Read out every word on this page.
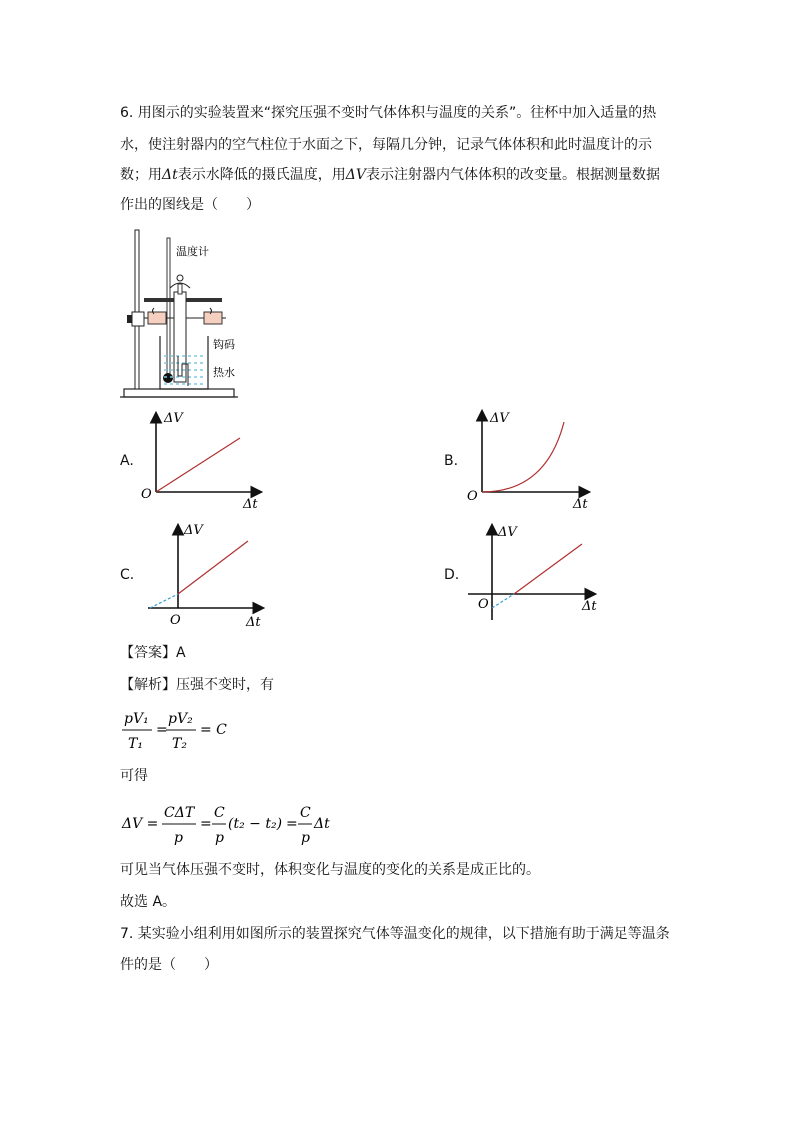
6. 用图示的实验装置来“探究压强不变时气体体积与温度的关系”。往杯中加入适量的热
水，使注射器内的空气柱位于水面之下，每隔几分钟，记录气体体积和此时温度计的示
数；用Δt表示水降低的摄氏温度，用ΔV表示注射器内气体体积的改变量。根据测量数据
作出的图线是（　　）
温度计
钩码
热水
A.
ΔV
O
Δt
B.
ΔV
O
Δt
C.
ΔV
O	Δt
D.
ΔV
O	Δt
【答案】A
【解析】压强不变时，有
pV₁
T₁
=
pV₂
T₂
= C
可得
ΔV =
CΔT
p
=
C
p
(t₂ − t₂) =
C
p
Δt
可见当气体压强不变时，体积变化与温度的变化的关系是成正比的。
故选 A。
7. 某实验小组利用如图所示的装置探究气体等温变化的规律，以下措施有助于满足等温条
件的是（　　）
